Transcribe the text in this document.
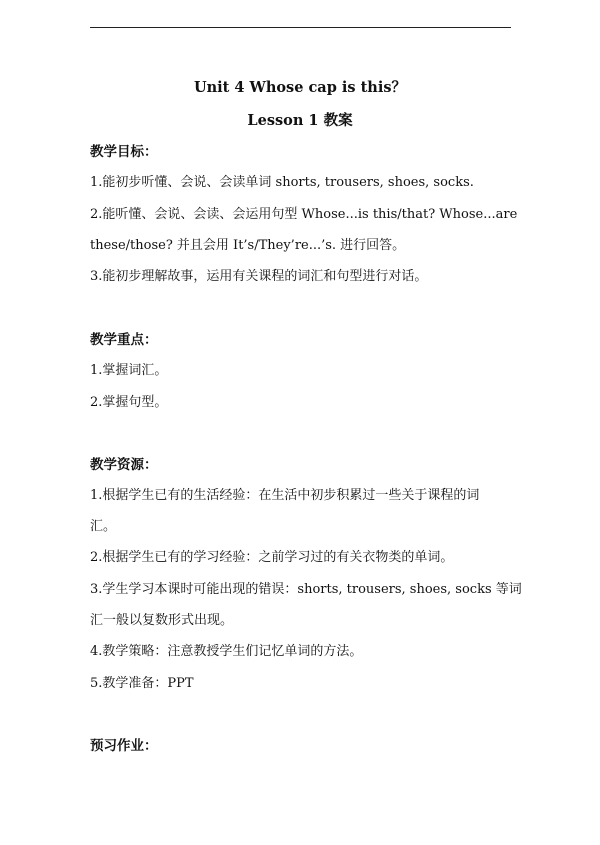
Unit 4 Whose cap is this？
Lesson 1 教案
教学目标：
1.能初步听懂、会说、会读单词 shorts, trousers, shoes, socks.
2.能听懂、会说、会读、会运用句型 Whose...is this/that? Whose...are
these/those? 并且会用 It’s/They’re...’s. 进行回答。
3.能初步理解故事，运用有关课程的词汇和句型进行对话。
教学重点：
1.掌握词汇。
2.掌握句型。
教学资源：
1.根据学生已有的生活经验：在生活中初步积累过一些关于课程的词
汇。
2.根据学生已有的学习经验：之前学习过的有关衣物类的单词。
3.学生学习本课时可能出现的错误：shorts, trousers, shoes, socks 等词
汇一般以复数形式出现。
4.教学策略：注意教授学生们记忆单词的方法。
5.教学准备：PPT
预习作业：
